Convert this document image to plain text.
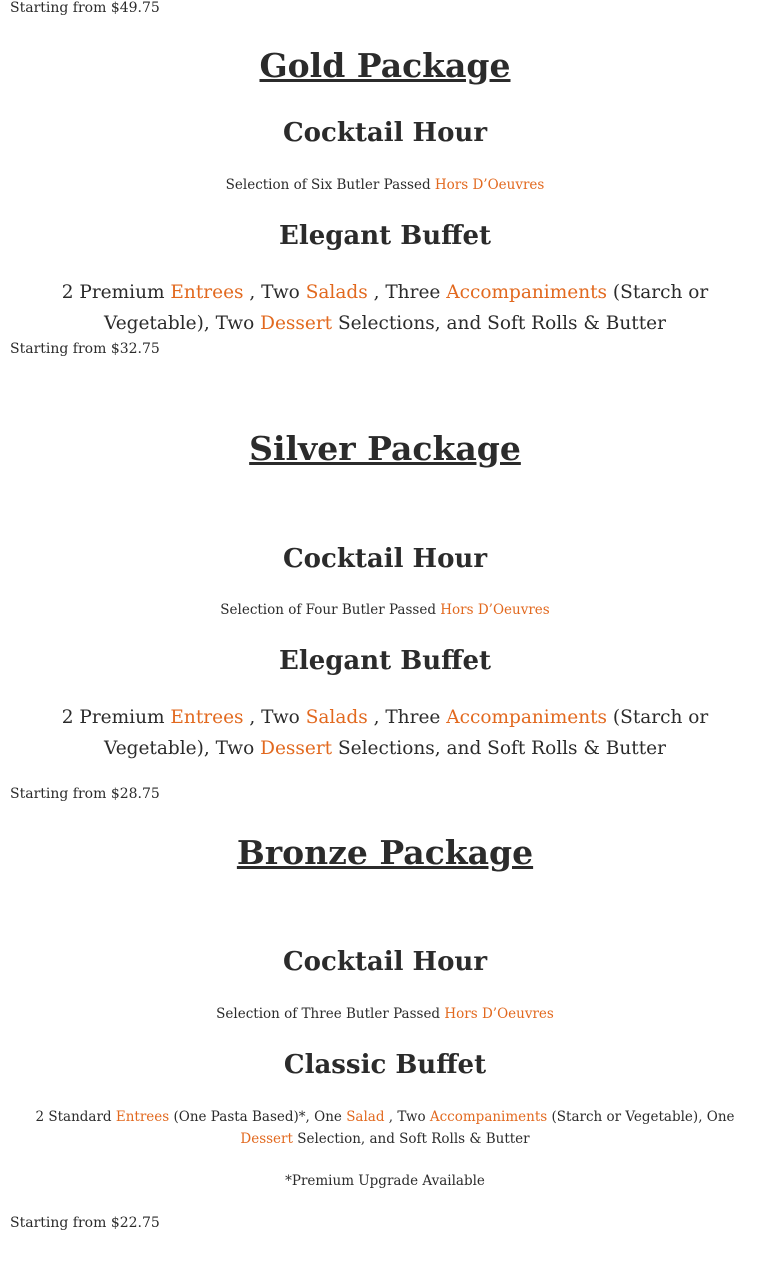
Starting from $49.75
Gold Package
Cocktail Hour
Selection of Six Butler Passed Hors D’Oeuvres
Elegant Buffet
2 Premium Entrees , Two Salads , Three Accompaniments (Starch or Vegetable), Two Dessert Selections, and Soft Rolls & Butter
Starting from $32.75
Silver Package
Cocktail Hour
Selection of Four Butler Passed Hors D’Oeuvres
Elegant Buffet
2 Premium Entrees , Two Salads , Three Accompaniments (Starch or Vegetable), Two Dessert Selections, and Soft Rolls & Butter
Starting from $28.75
Bronze Package
Cocktail Hour
Selection of Three Butler Passed Hors D’Oeuvres
Classic Buffet
2 Standard Entrees (One Pasta Based)*, One Salad , Two Accompaniments (Starch or Vegetable), One Dessert Selection, and Soft Rolls & Butter
*Premium Upgrade Available
Starting from $22.75
